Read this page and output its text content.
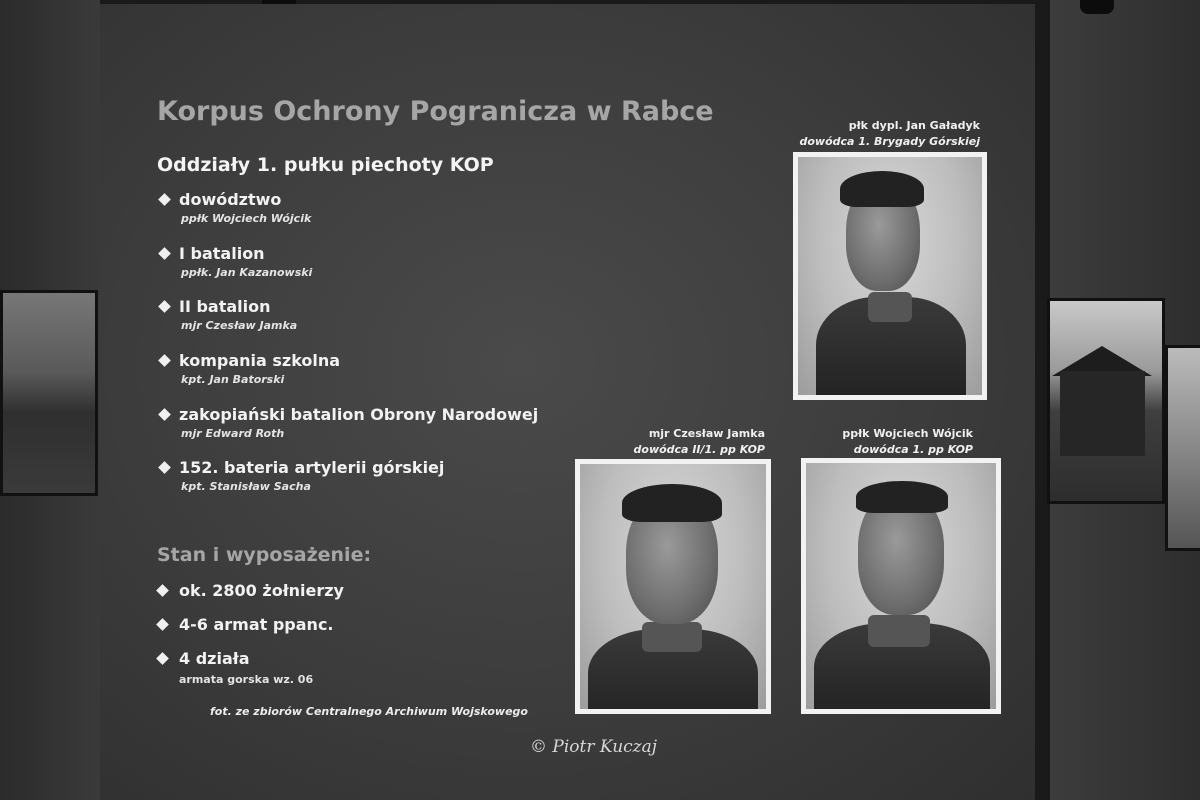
Korpus Ochrony Pogranicza w Rabce
Oddziały 1. pułku piechoty KOP
dowództwo
ppłk Wojciech Wójcik
I batalion
ppłk. Jan Kazanowski
II batalion
mjr Czesław Jamka
kompania szkolna
kpt. Jan Batorski
zakopiański batalion Obrony Narodowej
mjr Edward Roth
152. bateria artylerii górskiej
kpt. Stanisław Sacha
Stan i wyposażenie:
ok. 2800 żołnierzy
4-6 armat ppanc.
4 działa
armata gorska wz. 06

fot. ze zbiorów Centralnego Archiwum Wojskowego

płk dypl. Jan Gaładyk
dowódca 1. Brygady Górskiej
mjr Czesław Jamka
dowódca II/1. pp KOP
ppłk Wojciech Wójcik
dowódca 1. pp KOP

© Piotr Kuczaj
